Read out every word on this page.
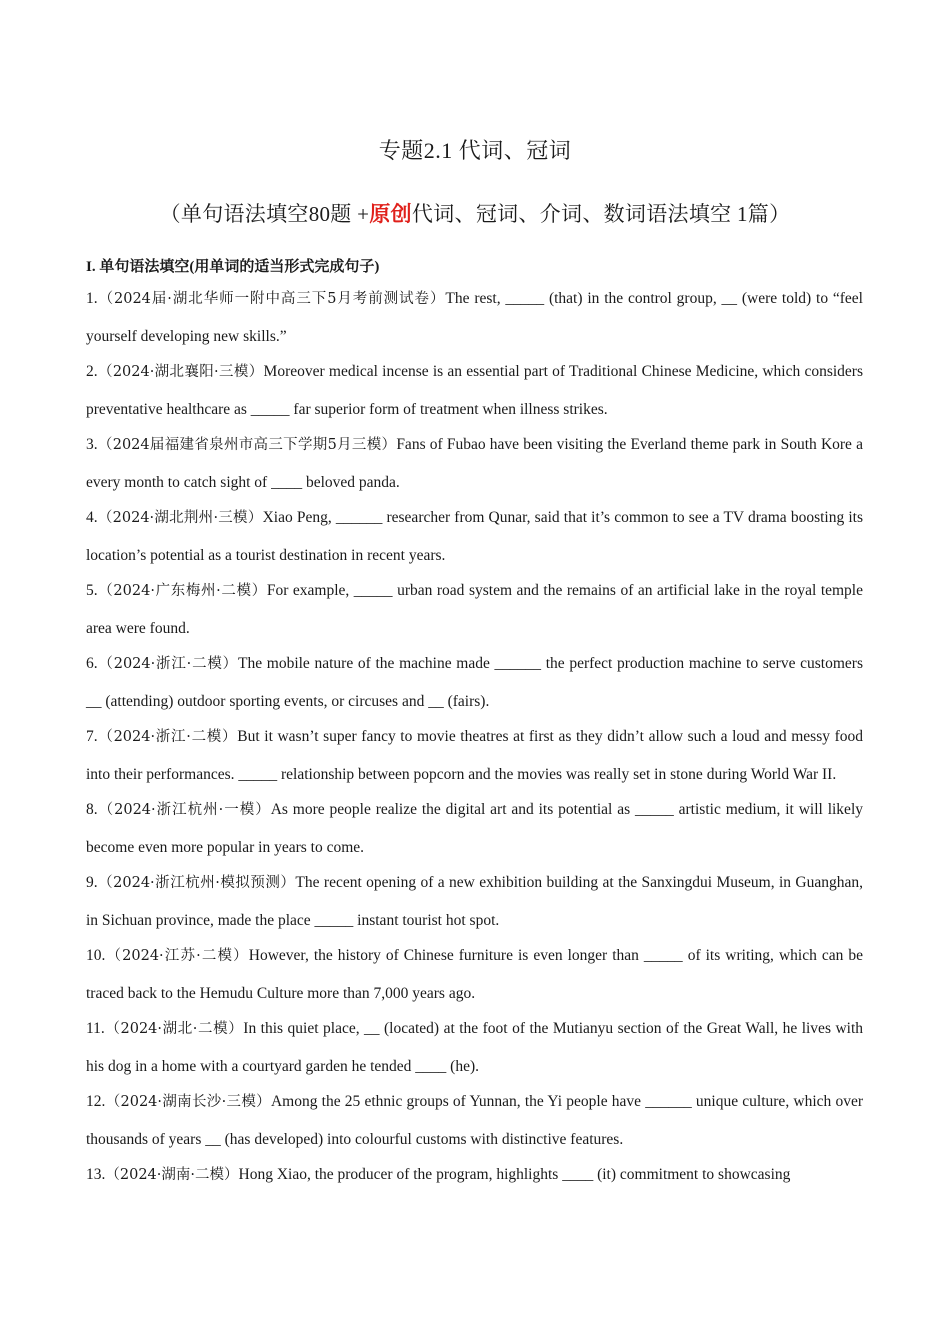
专题2.1 代词、冠词
（单句语法填空80题 +原创代词、冠词、介词、数词语法填空 1篇）
I. 单句语法填空(用单词的适当形式完成句子)

1.（2024届·湖北华师一附中高三下5月考前测试卷）The rest, _____ (that) in the control group, __ (were told) to “feel yourself developing new skills.”

2.（2024·湖北襄阳·三模）Moreover medical incense is an essential part of Traditional Chinese Medicine, which considers preventative healthcare as _____ far superior form of treatment when illness strikes.

3.（2024届福建省泉州市高三下学期5月三模）Fans of Fubao have been visiting the Everland theme park in South Kore a every month to catch sight of ____ beloved panda.

4.（2024·湖北荆州·三模）Xiao Peng, ______ researcher from Qunar, said that it’s common to see a TV drama boosting its location’s potential as a tourist destination in recent years.

5.（2024·广东梅州·二模）For example, _____ urban road system and the remains of an artificial lake in the royal temple area were found.

6.（2024·浙江·二模）The mobile nature of the machine made ______ the perfect production machine to serve customers __ (attending) outdoor sporting events, or circuses and __ (fairs).

7.（2024·浙江·二模）But it wasn’t super fancy to movie theatres at first as they didn’t allow such a loud and messy food into their performances. _____ relationship between popcorn and the movies was really set in stone during World War II.

8.（2024·浙江杭州·一模）As more people realize the digital art and its potential as _____ artistic medium, it will likely become even more popular in years to come.

9.（2024·浙江杭州·模拟预测）The recent opening of a new exhibition building at the Sanxingdui Museum, in Guanghan, in Sichuan province, made the place _____ instant tourist hot spot.

10.（2024·江苏·二模）However, the history of Chinese furniture is even longer than _____ of its writing, which can be traced back to the Hemudu Culture more than 7,000 years ago.

11.（2024·湖北·二模）In this quiet place, __ (located) at the foot of the Mutianyu section of the Great Wall, he lives with his dog in a home with a courtyard garden he tended ____ (he).

12.（2024·湖南长沙·三模）Among the 25 ethnic groups of Yunnan, the Yi people have ______ unique culture, which over thousands of years __ (has developed) into colourful customs with distinctive features.

13.（2024·湖南·二模）Hong Xiao, the producer of the program, highlights ____ (it) commitment to showcasing
